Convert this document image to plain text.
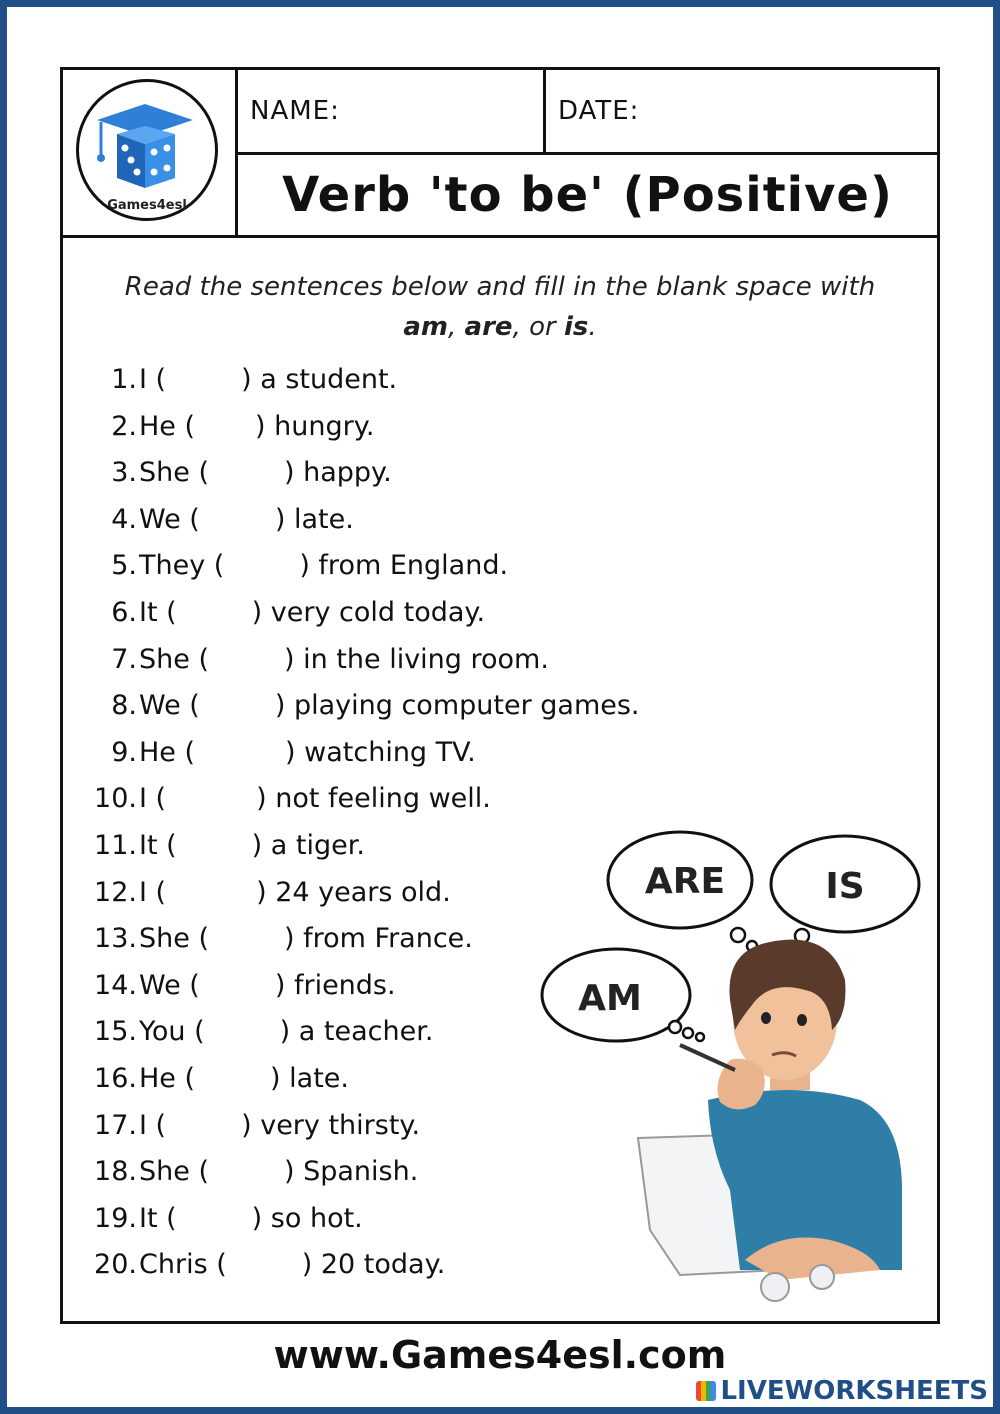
Games4esl
NAME:	DATE:
Verb 'to be' (Positive)
Read the sentences below and fill in the blank space with
am, are, or is.
1. I (	) a student.
2. He ( ) hungry.
3. She (	) happy.
4. We (	) late.
5. They (	) from England.
6. It (	) very cold today.
7. She (	) in the living room.
8. We (	) playing computer games.
9. He (	) watching TV.
10. I (	) not feeling well.
11. It (	) a tiger.
12. I (	) 24 years old.
13. She (	) from France.
14. We (	) friends.
15. You (	) a teacher.
16. He (	) late.
17. I (	) very thirsty.
18. She (	) Spanish.
19. It (	) so hot.
20. Chris (	) 20 today.
ARE	IS
AM
www.Games4esl.com
LIVEWORKSHEETS
